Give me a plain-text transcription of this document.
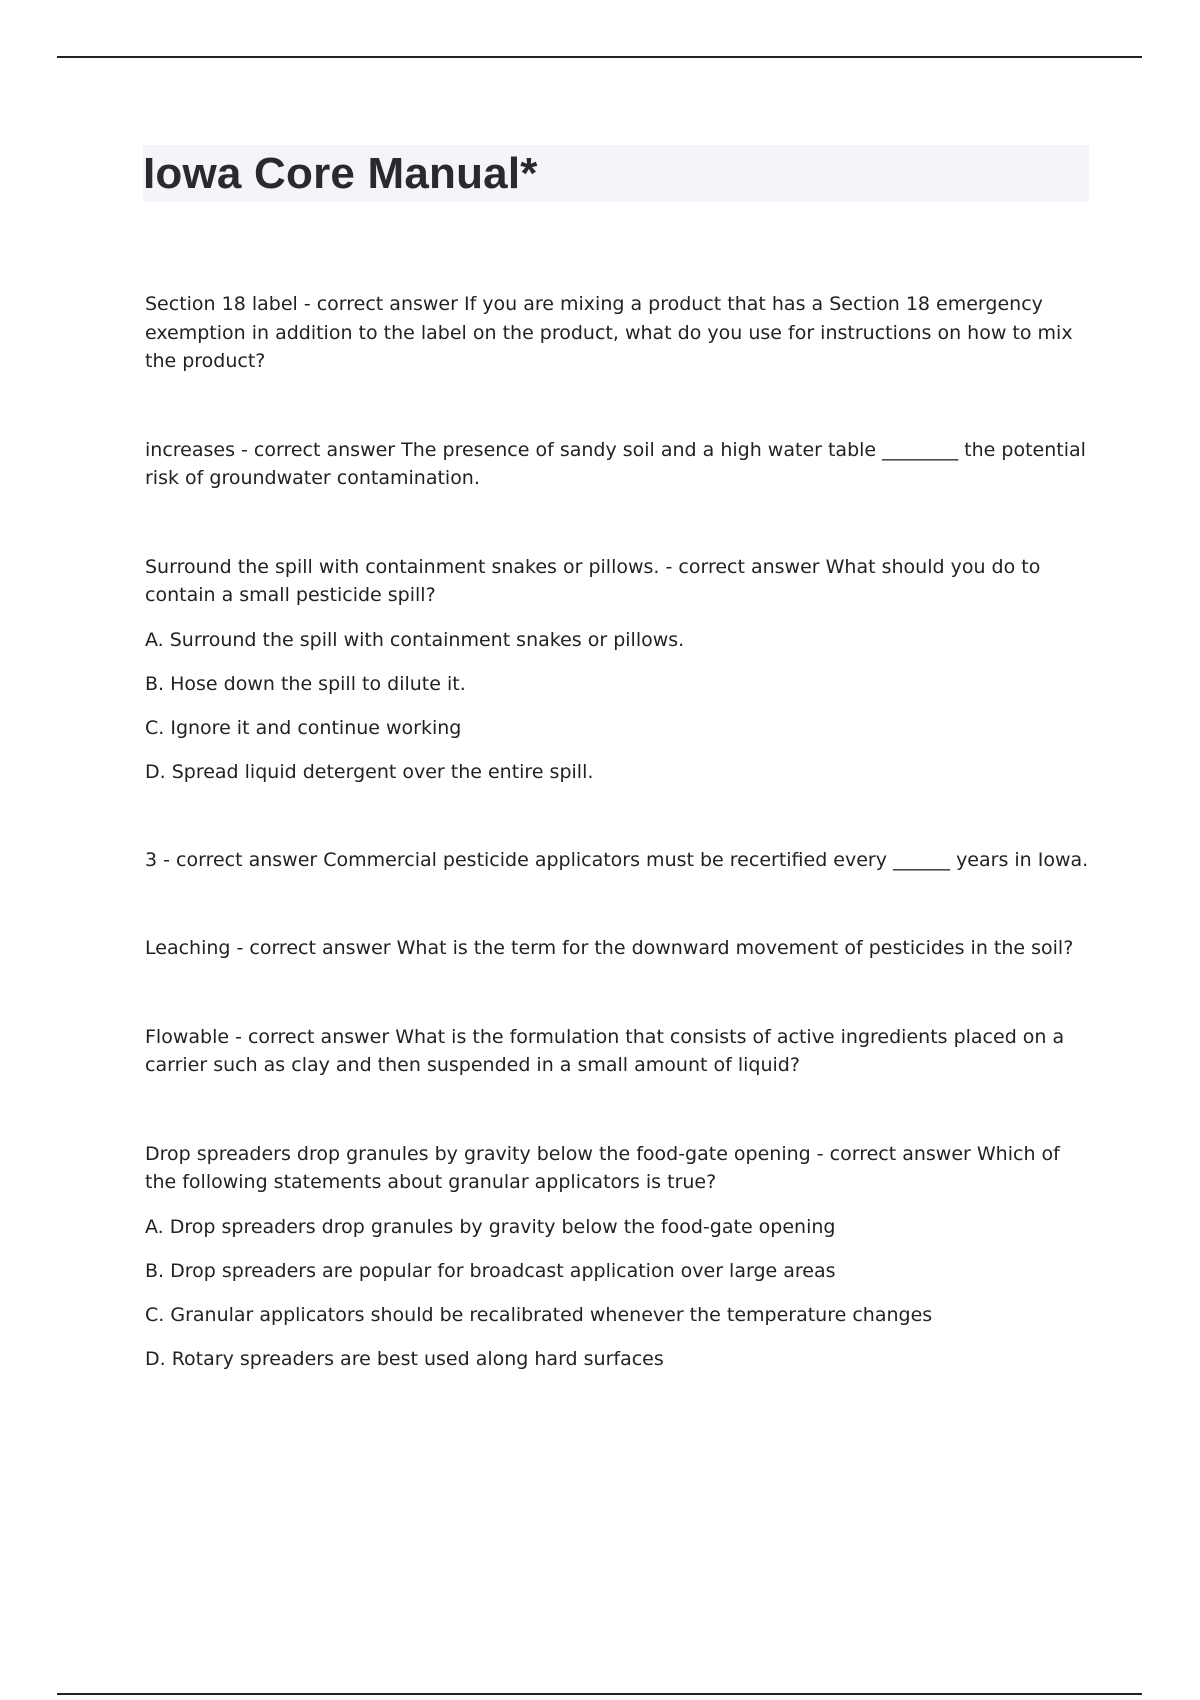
Iowa Core Manual*

Section 18 label - correct answer If you are mixing a product that has a Section 18 emergency exemption in addition to the label on the product, what do you use for instructions on how to mix the product?

increases - correct answer The presence of sandy soil and a high water table ________ the potential risk of groundwater contamination.

Surround the spill with containment snakes or pillows. - correct answer What should you do to contain a small pesticide spill?

A. Surround the spill with containment snakes or pillows.
B. Hose down the spill to dilute it.
C. Ignore it and continue working
D. Spread liquid detergent over the entire spill.

3 - correct answer Commercial pesticide applicators must be recertified every ______ years in Iowa.

Leaching - correct answer What is the term for the downward movement of pesticides in the soil?

Flowable - correct answer What is the formulation that consists of active ingredients placed on a carrier such as clay and then suspended in a small amount of liquid?

Drop spreaders drop granules by gravity below the food-gate opening - correct answer Which of the following statements about granular applicators is true?

A. Drop spreaders drop granules by gravity below the food-gate opening
B. Drop spreaders are popular for broadcast application over large areas
C. Granular applicators should be recalibrated whenever the temperature changes
D. Rotary spreaders are best used along hard surfaces
